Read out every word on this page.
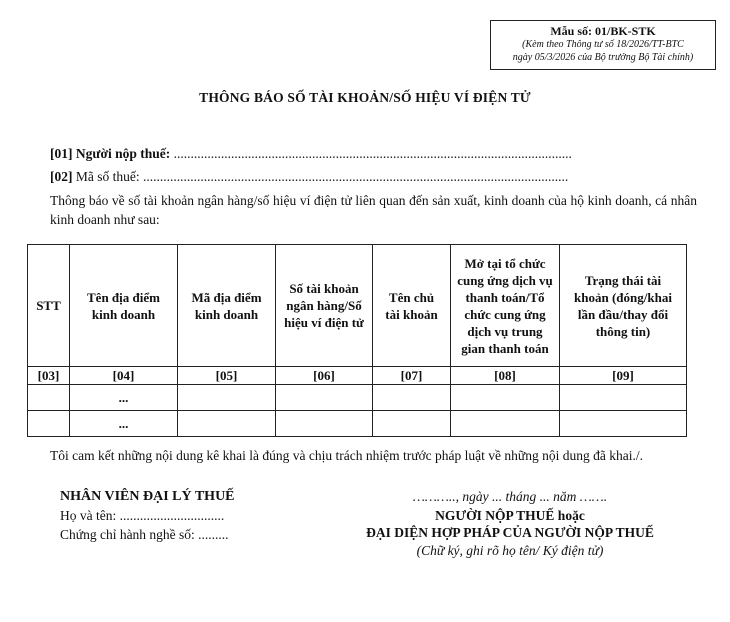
Mẫu số: 01/BK-STK
(Kèm theo Thông tư số 18/2026/TT-BTC
ngày 05/3/2026 của Bộ trưởng Bộ Tài chính)
THÔNG BÁO SỐ TÀI KHOẢN/SỐ HIỆU VÍ ĐIỆN TỬ
[01] Người nộp thuế: ......................................................................................................................
[02] Mã số thuế: ..............................................................................................................................
Thông báo về số tài khoản ngân hàng/số hiệu ví điện tử liên quan đến sản xuất, kinh doanh của hộ kinh doanh, cá nhân kinh doanh như sau:
STT	Tên địa điểm kinh doanh	Mã địa điểm kinh doanh	Số tài khoản ngân hàng/Số hiệu ví điện tử	Tên chủ tài khoản	Mở tại tổ chức cung ứng dịch vụ thanh toán/Tổ chức cung ứng dịch vụ trung gian thanh toán	Trạng thái tài khoản (đóng/khai lần đầu/thay đổi thông tin)

[03]	[04]	[05]	[06]	[07]	[08]	[09]
	...					
	...					
Tôi cam kết những nội dung kê khai là đúng và chịu trách nhiệm trước pháp luật về những nội dung đã khai./.
NHÂN VIÊN ĐẠI LÝ THUẾ
Họ và tên: ...............................
Chứng chỉ hành nghề số: .........
……….., ngày ... tháng ... năm …….
NGƯỜI NỘP THUẾ hoặc
ĐẠI DIỆN HỢP PHÁP CỦA NGƯỜI NỘP THUẾ
(Chữ ký, ghi rõ họ tên/ Ký điện tử)
